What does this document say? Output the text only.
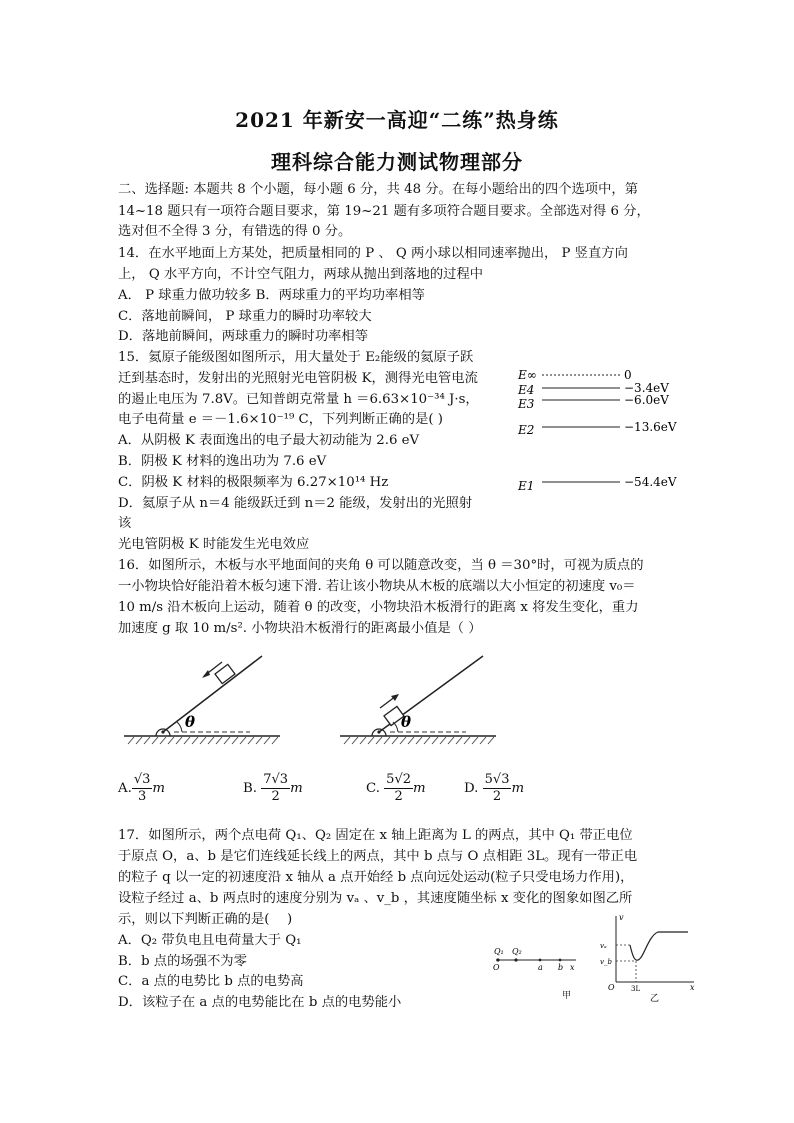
2021 年新安一高迎“二练”热身练
理科综合能力测试物理部分
二、选择题: 本题共 8 个小题，每小题 6 分，共 48 分。在每小题给出的四个选项中，第
14~18 题只有一项符合题目要求，第 19~21 题有多项符合题目要求。全部选对得 6 分，
选对但不全得 3 分，有错选的得 0 分。
14．在水平地面上方某处，把质量相同的 P 、 Q 两小球以相同速率抛出， P 竖直方向
上， Q 水平方向，不计空气阻力，两球从抛出到落地的过程中
A． P 球重力做功较多 B．两球重力的平均功率相等
C．落地前瞬间， P 球重力的瞬时功率较大
D．落地前瞬间，两球重力的瞬时功率相等
15．氦原子能级图如图所示，用大量处于 E₂能级的氦原子跃
迁到基态时，发射出的光照射光电管阴极 K，测得光电管电流
的遏止电压为 7.8V。已知普朗克常量 h ＝6.63×10⁻³⁴ J·s，
电子电荷量 e ＝－1.6×10⁻¹⁹ C，下列判断正确的是( )
A．从阴极 K 表面逸出的电子最大初动能为 2.6 eV
B．阴极 K 材料的逸出功为 7.6 eV
C．阴极 K 材料的极限频率为 6.27×10¹⁴ Hz
D．氦原子从 n＝4 能级跃迁到 n＝2 能级，发射出的光照射
该
光电管阴极 K 时能发生光电效应
E∞	0
E4	−3.4eV
E3	−6.0eV
E2	−13.6eV
E1	−54.4eV
16．如图所示，木板与水平地面间的夹角 θ 可以随意改变，当 θ ＝30°时，可视为质点的
一小物块恰好能沿着木板匀速下滑. 若让该小物块从木板的底端以大小恒定的初速度 v₀＝
10 m/s 沿木板向上运动，随着 θ 的改变，小物块沿木板滑行的距离 x 将发生变化，重力
加速度 g 取 10 m/s². 小物块沿木板滑行的距离最小值是（ ）
θ	θ
A. $\frac{√3}{3}$ m	B. $\frac{7√3}{2}$ m	C. $\frac{5√2}{2}$ m	D. $\frac{5√3}{2}$ m
17．如图所示，两个点电荷 Q₁、Q₂ 固定在 x 轴上距离为 L 的两点，其中 Q₁ 带正电位
于原点 O，a、b 是它们连线延长线上的两点，其中 b 点与 O 点相距 3L。现有一带正电
的粒子 q 以一定的初速度沿 x 轴从 a 点开始经 b 点向远处运动(粒子只受电场力作用)，
设粒子经过 a、b 两点时的速度分别为 vₐ 、v_b ，其速度随坐标 x 变化的图象如图乙所
示，则以下判断正确的是(　 )
A．Q₂ 带负电且电荷量大于 Q₁
B．b 点的场强不为零
C．a 点的电势比 b 点的电势高
D．该粒子在 a 点的电势能比在 b 点的电势能小
Q₁ Q₂
O	a b x
甲
v
x
O
vₐ
v_b
3L
乙
